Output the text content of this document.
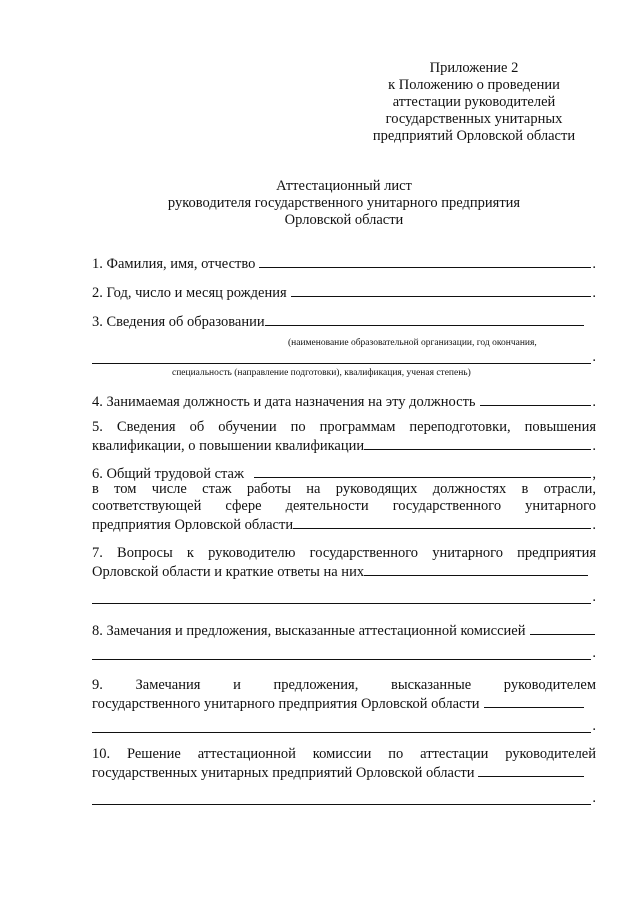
Приложение 2
к Положению о проведении
аттестации руководителей
государственных унитарных
предприятий Орловской области
Аттестационный лист
руководителя государственного унитарного предприятия
Орловской области
1. Фамилия, имя, отчество	.
2. Год, число и месяц рождения	.
3. Сведения об образовании
(наименование образовательной организации, год окончания,
.
специальность (направление подготовки), квалификация, ученая степень)
4. Занимаемая должность и дата назначения на эту должность	.
5. Сведения об обучении по программам переподготовки, повышения
квалификации, о повышении квалификации	.
6. Общий трудовой стаж	,
в том числе стаж работы на руководящих должностях в отрасли,
соответствующей сфере деятельности государственного унитарного
предприятия Орловской области	.
7. Вопросы к руководителю государственного унитарного предприятия
Орловской области и краткие ответы на них
.
8. Замечания и предложения, высказанные аттестационной комиссией
.
9. Замечания и предложения, высказанные руководителем
государственного унитарного предприятия Орловской области
.
10. Решение аттестационной комиссии по аттестации руководителей
государственных унитарных предприятий Орловской области
.
